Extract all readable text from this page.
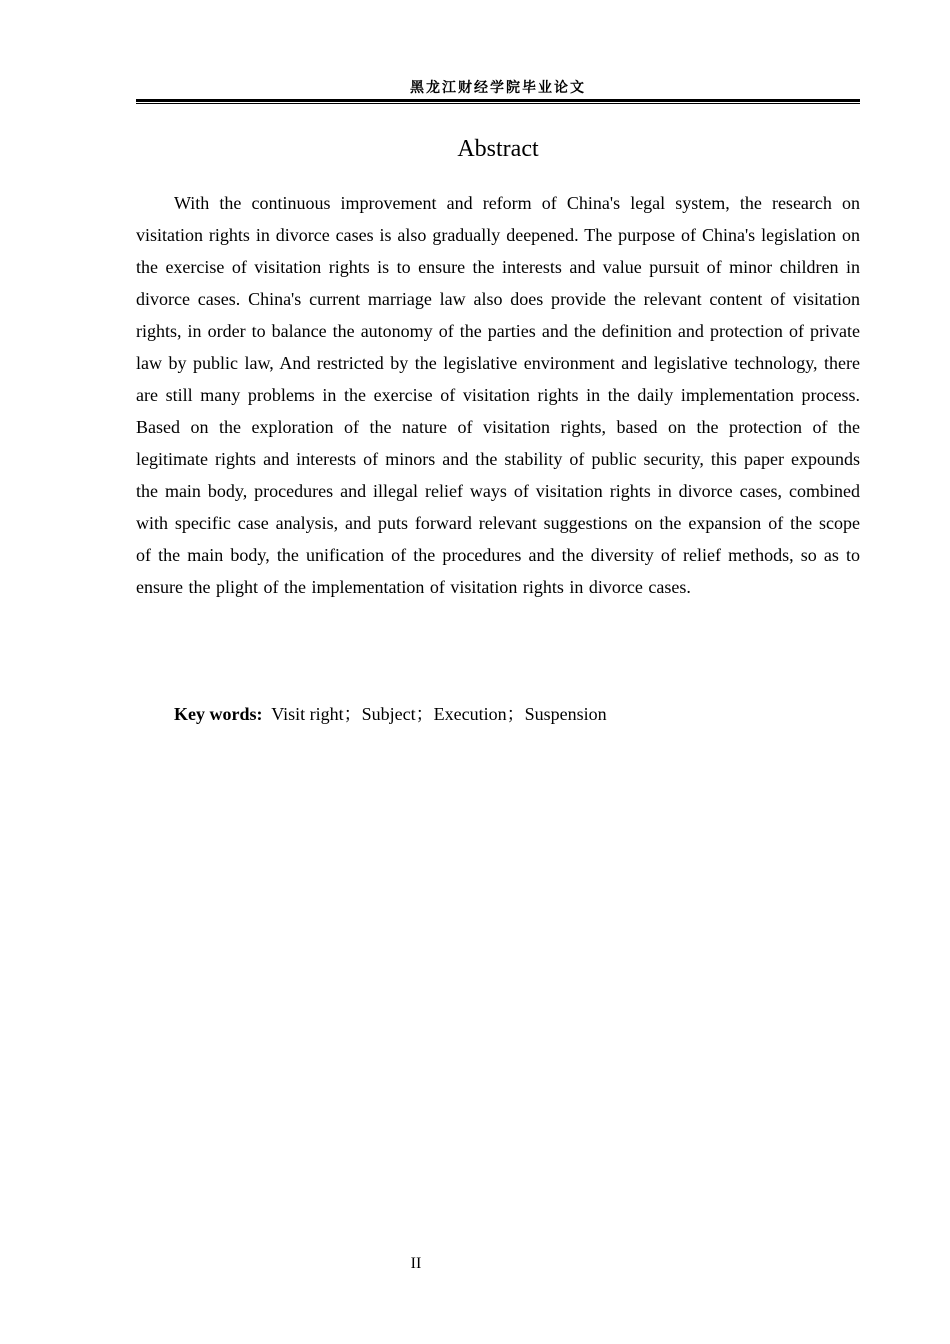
黑龙江财经学院毕业论文
Abstract

With the continuous improvement and reform of China's legal system, the research on visitation rights in divorce cases is also gradually deepened. The purpose of China's legislation on the exercise of visitation rights is to ensure the interests and value pursuit of minor children in divorce cases. China's current marriage law also does provide the relevant content of visitation rights, in order to balance the autonomy of the parties and the definition and protection of private law by public law, And restricted by the legislative environment and legislative technology, there are still many problems in the exercise of visitation rights in the daily implementation process. Based on the exploration of the nature of visitation rights, based on the protection of the legitimate rights and interests of minors and the stability of public security, this paper expounds the main body, procedures and illegal relief ways of visitation rights in divorce cases, combined with specific case analysis, and puts forward relevant suggestions on the expansion of the scope of the main body, the unification of the procedures and the diversity of relief methods, so as to ensure the plight of the implementation of visitation rights in divorce cases.

Key words: Visit right；Subject；Execution；Suspension
II
